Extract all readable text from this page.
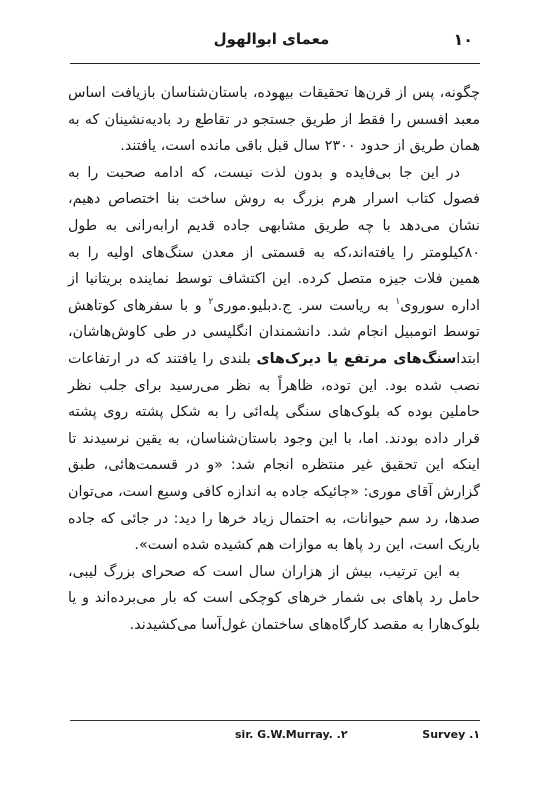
۱۰
معمای ابوالهول

چگونه، پس از قرن‌ها تحقیقات بیهوده، باستان‌شناسان بازیافت اساس معبد افسس را فقط از طریق جستجو در تقاطع رد بادیه‌نشینان که به همان طریق از حدود ۲۳۰۰ سال قبل باقی مانده است، یافتند.

در این جا بی‌فایده و بدون لذت نیست، که ادامه صحبت را به فصول کتاب اسرار هرم بزرگ به روش ساخت بنا اختصاص دهیم، نشان می‌دهد با چه طریق مشابهی جاده قدیم ارابه‌رانی به طول ۸۰کیلومتر را یافته‌اند،که به قسمتی از معدن سنگ‌های اولیه را به همین فلات جیزه متصل کرده. این اکتشاف توسط نماینده بریتانیا از اداره سوروی$^۱$ به ریاست سر. ج.دبلیو.موری$^۲$ و با سفرهای کوتاهش توسط اتومبیل انجام شد. دانشمندان انگلیسی در طی کاوش‌هاشان، ابتداسنگ‌های مرتفع یا دیرک‌های بلندی را یافتند که در ارتفاعات نصب شده بود. این توده، ظاهراً به نظر می‌رسید برای جلب نظر حاملین بوده که بلوک‌های سنگی پله‌ائی را به شکل پشته روی پشته قرار داده بودند. اما، با این وجود باستان‌شناسان، به یقین نرسیدند تا اینکه این تحقیق غیر منتظره انجام شد: «و در قسمت‌هائی، طبق گزارش آقای موری: «جائیکه جاده به اندازه کافی وسیع است، می‌توان صدها، رد سم حیوانات، به احتمال زیاد خرها را دید: در جائی که جاده باریک است، این رد پاها به موازات هم کشیده شده است».

به این ترتیب، بیش از هزاران سال است که صحرای بزرگ لیبی، حامل رد پاهای بی شمار خرهای کوچکی است که بار می‌برده‌اند و یا بلوک‌هارا به مقصد کارگاه‌های ساختمان غول‌آسا می‌کشیدند.

sir. G.W.Murray. .۲	Survey .۱
